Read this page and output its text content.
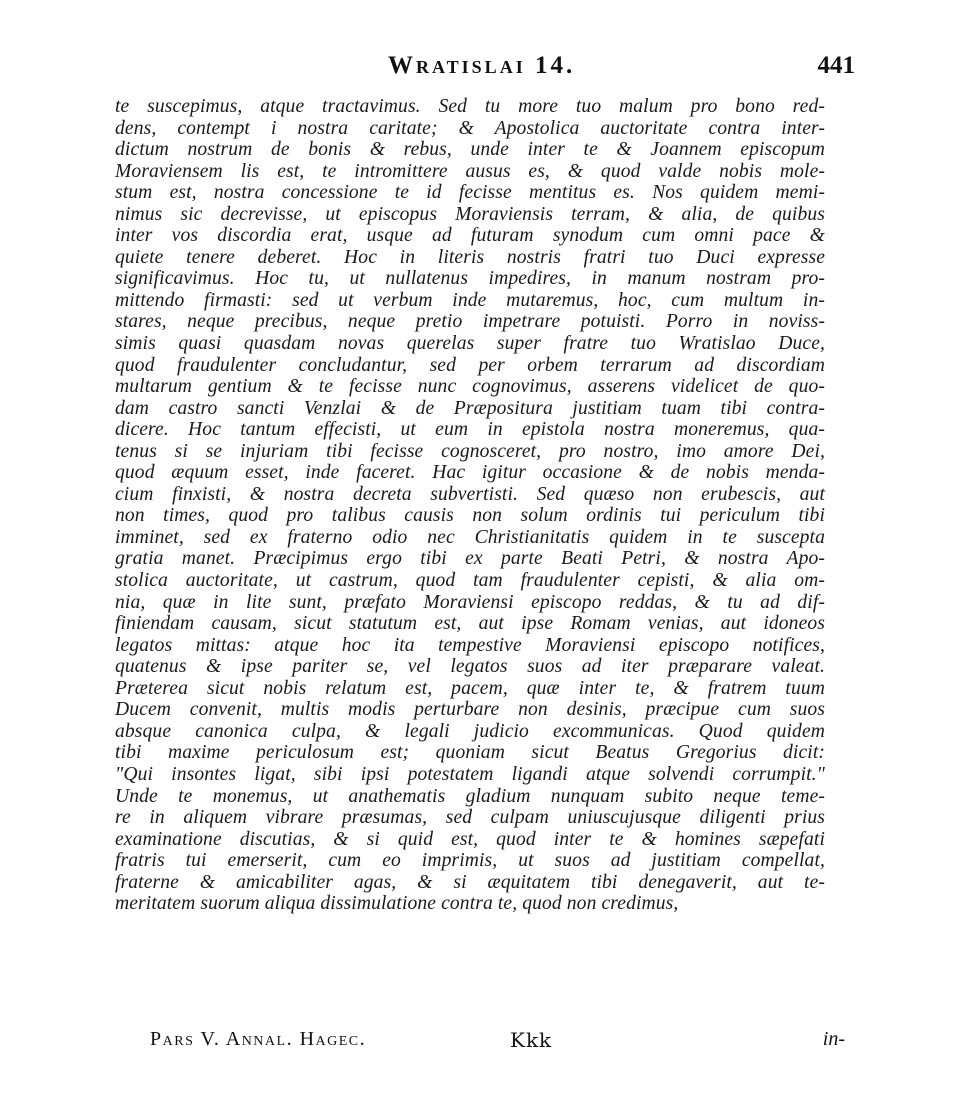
Wratislai 14.	441
te suscepimus, atque tractavimus. Sed tu more tuo malum pro bono red-
dens, contempt i nostra caritate; & Apostolica auctoritate contra inter-
dictum nostrum de bonis & rebus, unde inter te & Joannem episcopum
Moraviensem lis est, te intromittere ausus es, & quod valde nobis mole-
stum est, nostra concessione te id fecisse mentitus es. Nos quidem memi-
nimus sic decrevisse, ut episcopus Moraviensis terram, & alia, de quibus
inter vos discordia erat, usque ad futuram synodum cum omni pace &
quiete tenere deberet. Hoc in literis nostris fratri tuo Duci expresse
significavimus. Hoc tu, ut nullatenus impedires, in manum nostram pro-
mittendo firmasti: sed ut verbum inde mutaremus, hoc, cum multum in-
stares, neque precibus, neque pretio impetrare potuisti. Porro in noviss-
simis quasi quasdam novas querelas super fratre tuo Wratislao Duce,
quod fraudulenter concludantur, sed per orbem terrarum ad discordiam
multarum gentium & te fecisse nunc cognovimus, asserens videlicet de quo-
dam castro sancti Venzlai & de Præpositura justitiam tuam tibi contra-
dicere. Hoc tantum effecisti, ut eum in epistola nostra moneremus, qua-
tenus si se injuriam tibi fecisse cognosceret, pro nostro, imo amore Dei,
quod æquum esset, inde faceret. Hac igitur occasione & de nobis menda-
cium finxisti, & nostra decreta subvertisti. Sed quæso non erubescis, aut
non times, quod pro talibus causis non solum ordinis tui periculum tibi
imminet, sed ex fraterno odio nec Christianitatis quidem in te suscepta
gratia manet. Præcipimus ergo tibi ex parte Beati Petri, & nostra Apo-
stolica auctoritate, ut castrum, quod tam fraudulenter cepisti, & alia om-
nia, quæ in lite sunt, præfato Moraviensi episcopo reddas, & tu ad dif-
finiendam causam, sicut statutum est, aut ipse Romam venias, aut idoneos
legatos mittas: atque hoc ita tempestive Moraviensi episcopo notifices,
quatenus & ipse pariter se, vel legatos suos ad iter præparare valeat.
Præterea sicut nobis relatum est, pacem, quæ inter te, & fratrem tuum
Ducem convenit, multis modis perturbare non desinis, præcipue cum suos
absque canonica culpa, & legali judicio excommunicas. Quod quidem
tibi maxime periculosum est; quoniam sicut Beatus Gregorius dicit:
"Qui insontes ligat, sibi ipsi potestatem ligandi atque solvendi corrumpit."
Unde te monemus, ut anathematis gladium nunquam subito neque teme-
re in aliquem vibrare præsumas, sed culpam uniuscujusque diligenti prius
examinatione discutias, & si quid est, quod inter te & homines sæpefati
fratris tui emerserit, cum eo imprimis, ut suos ad justitiam compellat,
fraterne & amicabiliter agas, & si æquitatem tibi denegaverit, aut te-
meritatem suorum aliqua dissimulatione contra te, quod non credimus,
Pars V. Annal. Hagec.	Kkk	in-
